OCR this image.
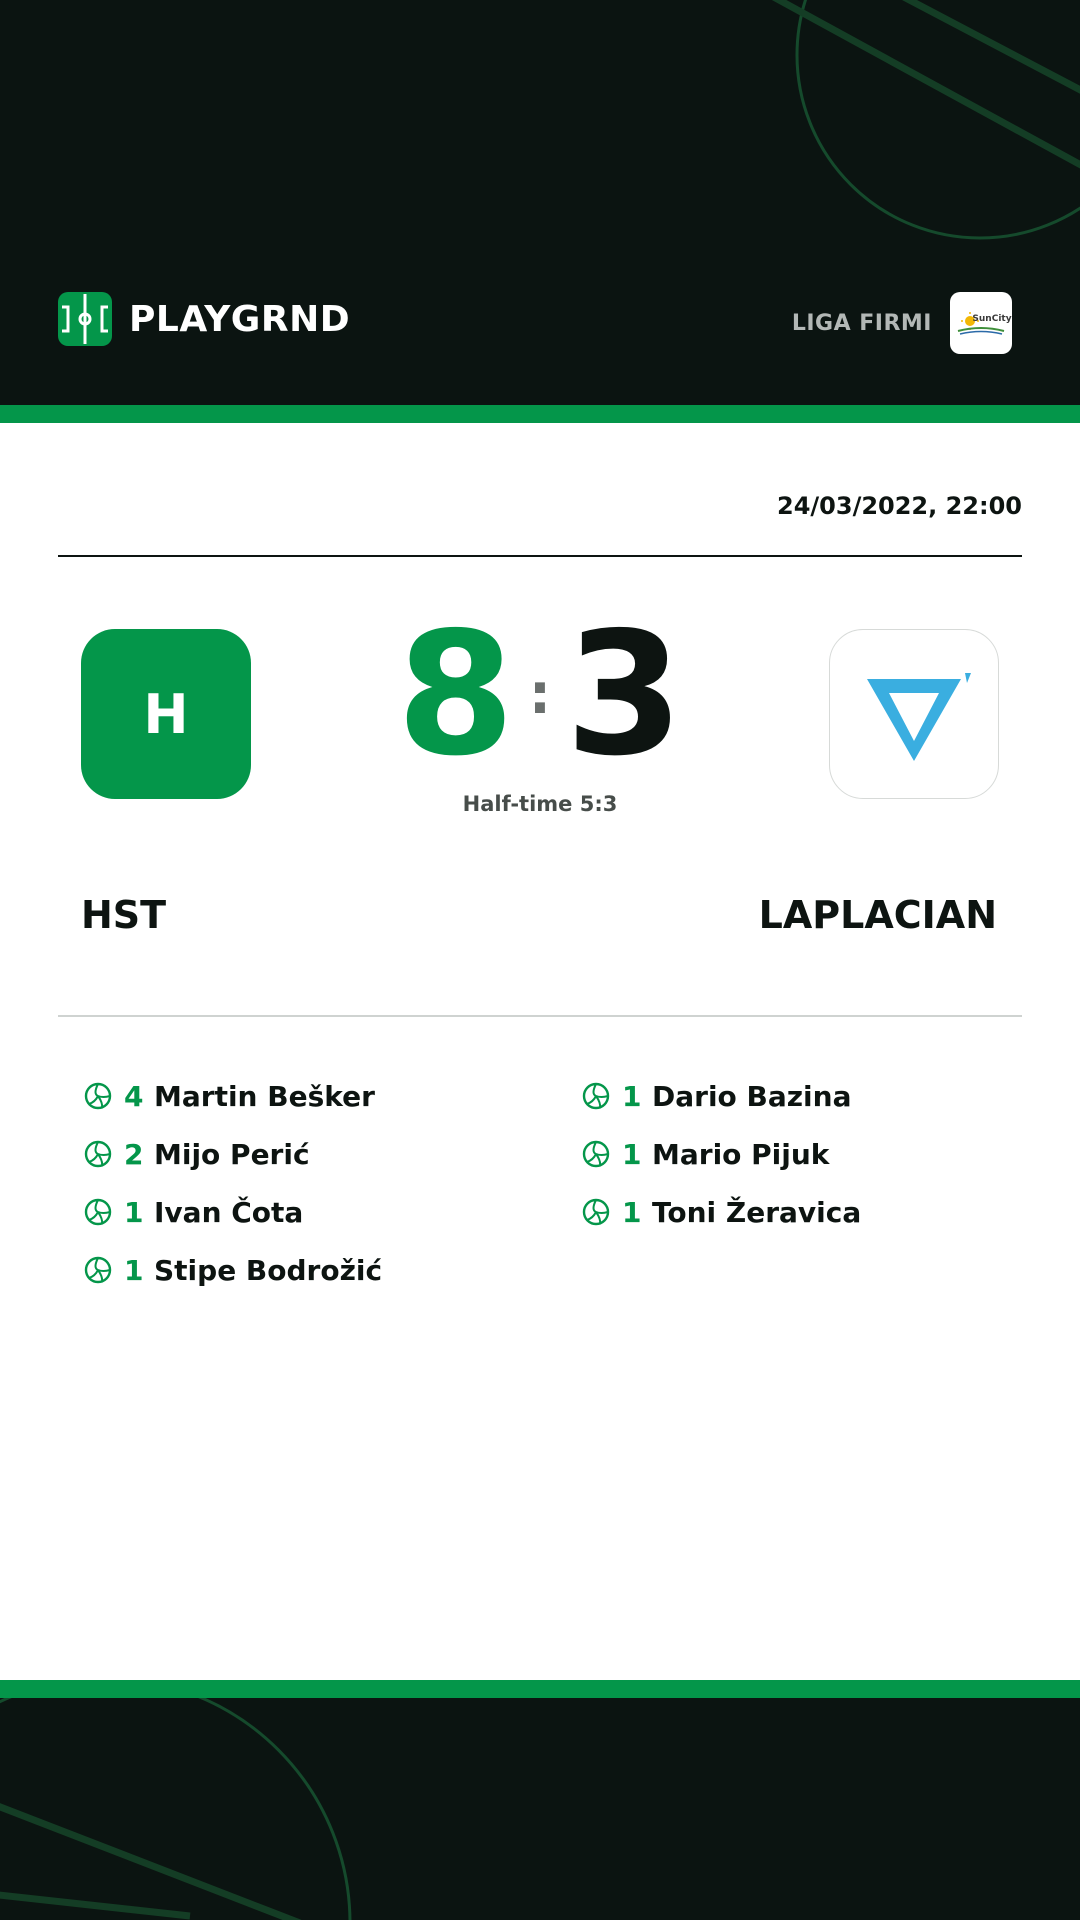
PLAYGRND	LIGA FIRMI	SunCity
24/03/2022, 22:00
H	8 :3
Half-time 5:3
HST	LAPLACIAN
4 Martin Bešker
2 Mijo Perić
1 Ivan Čota
1 Stipe Bodrožić
1 Dario Bazina
1 Mario Pijuk
1 Toni Žeravica
